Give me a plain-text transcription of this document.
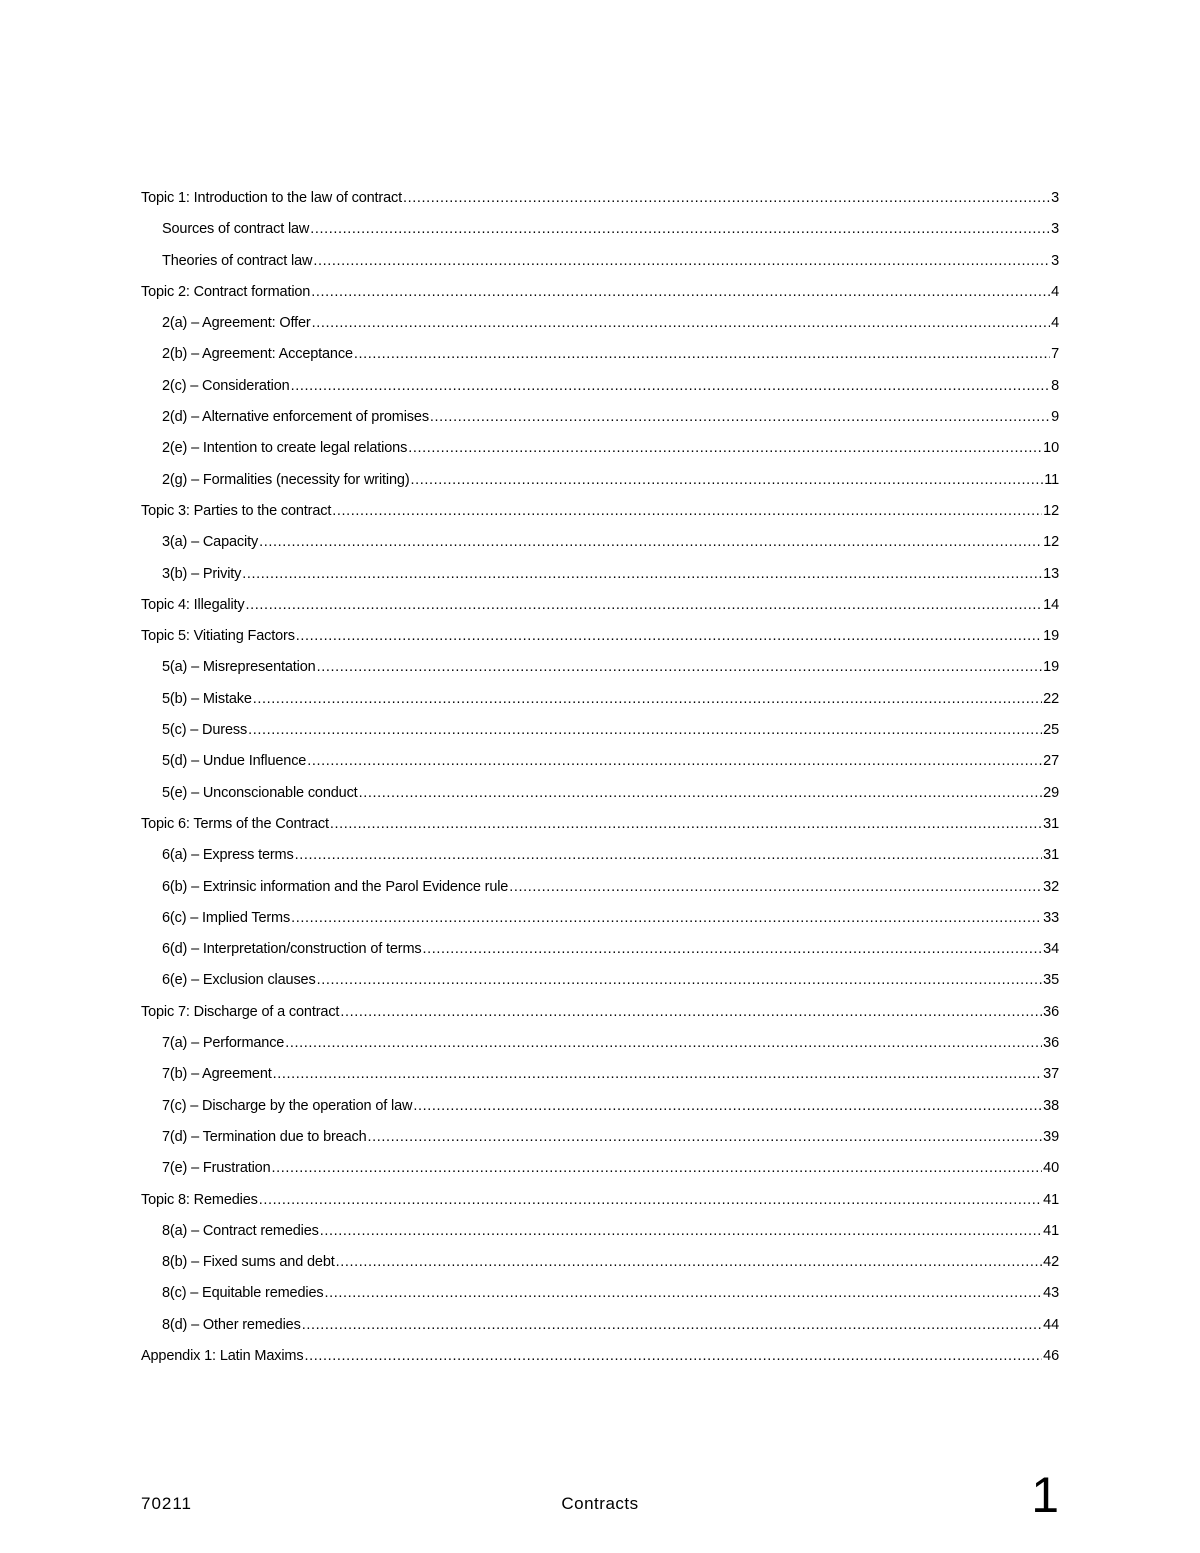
Topic 1: Introduction to the law of contract .....	3
Sources of contract law .....	3
Theories of contract law .....	3
Topic 2: Contract formation .....	4
2(a) – Agreement: Offer .....	4
2(b) – Agreement: Acceptance .....	7
2(c) – Consideration .....	8
2(d) – Alternative enforcement of promises .....	9
2(e) – Intention to create legal relations .....	10
2(g) – Formalities (necessity for writing) .....	11
Topic 3: Parties to the contract .....	12
3(a) – Capacity .....	12
3(b) – Privity .....	13
Topic 4: Illegality .....	14
Topic 5: Vitiating Factors .....	19
5(a) – Misrepresentation .....	19
5(b) – Mistake .....	22
5(c) – Duress .....	25
5(d) – Undue Influence .....	27
5(e) – Unconscionable conduct .....	29
Topic 6: Terms of the Contract .....	31
6(a) – Express terms .....	31
6(b) – Extrinsic information and the Parol Evidence rule .....	32
6(c) – Implied Terms .....	33
6(d) – Interpretation/construction of terms .....	34
6(e) – Exclusion clauses .....	35
Topic 7: Discharge of a contract .....	36
7(a) – Performance .....	36
7(b) – Agreement .....	37
7(c) – Discharge by the operation of law .....	38
7(d) – Termination due to breach .....	39
7(e) – Frustration .....	40
Topic 8: Remedies .....	41
8(a) – Contract remedies .....	41
8(b) – Fixed sums and debt .....	42
8(c) – Equitable remedies .....	43
8(d) – Other remedies .....	44
Appendix 1: Latin Maxims .....	46
70211	Contracts	1
